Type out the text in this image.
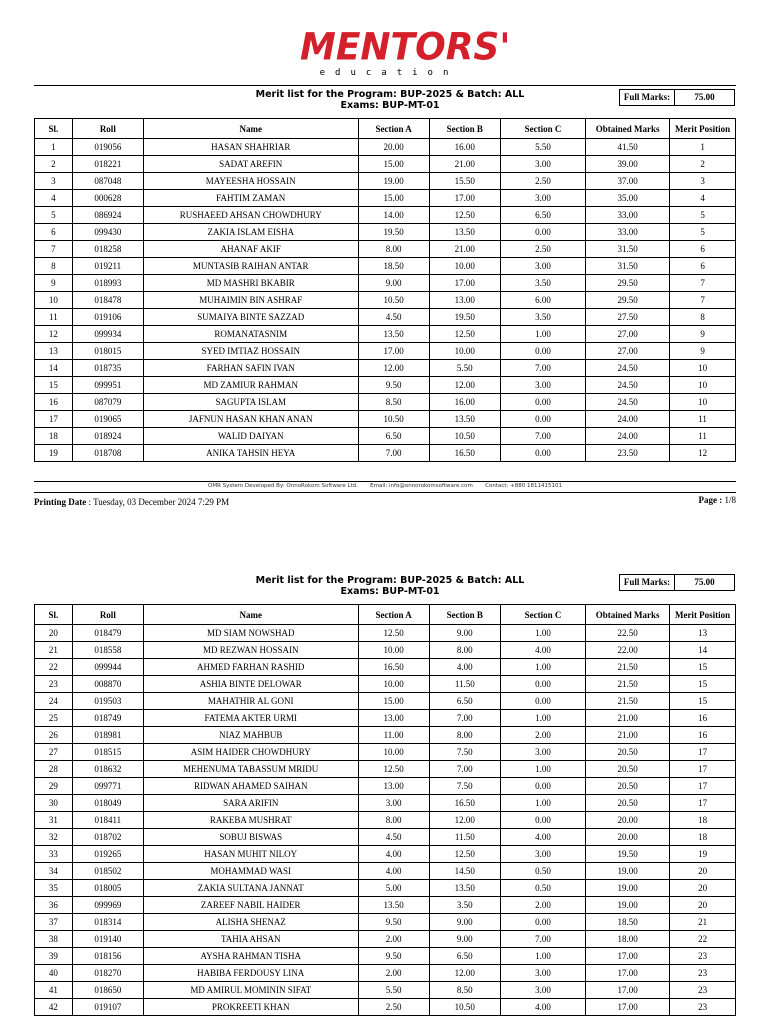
MENTORS'
education
Merit list for the Program: BUP-2025 & Batch: ALL
Exams: BUP-MT-01
Full Marks:	75.00
Sl.	Roll	Name	Section A	Section B	Section C	Obtained Marks	Merit Position
1	019056	HASAN SHAHRIAR	20.00	16.00	5.50	41.50	1
2	018221	SADAT AREFIN	15.00	21.00	3.00	39.00	2
3	087048	MAYEESHA HOSSAIN	19.00	15.50	2.50	37.00	3
4	000628	FAHTIM ZAMAN	15.00	17.00	3.00	35.00	4
5	086924	RUSHAEED AHSAN CHOWDHURY	14.00	12.50	6.50	33.00	5
6	099430	ZAKIA ISLAM EISHA	19.50	13.50	0.00	33.00	5
7	018258	AHANAF AKIF	8.00	21.00	2.50	31.50	6
8	019211	MUNTASIB RAIHAN ANTAR	18.50	10.00	3.00	31.50	6
9	018993	MD MASHRI BKABIR	9.00	17.00	3.50	29.50	7
10	018478	MUHAIMIN BIN ASHRAF	10.50	13.00	6.00	29.50	7
11	019106	SUMAIYA BINTE SAZZAD	4.50	19.50	3.50	27.50	8
12	099934	ROMANATASNIM	13.50	12.50	1.00	27.00	9
13	018015	SYED IMTIAZ HOSSAIN	17.00	10.00	0.00	27.00	9
14	018735	FARHAN SAFIN IVAN	12.00	5.50	7.00	24.50	10
15	099951	MD ZAMIUR RAHMAN	9.50	12.00	3.00	24.50	10
16	087079	SAGUPTA ISLAM	8.50	16.00	0.00	24.50	10
17	019065	JAFNUN HASAN KHAN ANAN	10.50	13.50	0.00	24.00	11
18	018924	WALID DAIYAN	6.50	10.50	7.00	24.00	11
19	018708	ANIKA TAHSIN HEYA	7.00	16.50	0.00	23.50	12
OMR System Developed By: OnnoRokom Software Ltd. Email: info@onnorokomsoftware.com Contact: +880 1811415101
Printing Date : Tuesday, 03 December 2024 7:29 PM	Page : 1/8
Merit list for the Program: BUP-2025 & Batch: ALL
Exams: BUP-MT-01
Full Marks:	75.00
Sl.	Roll	Name	Section A	Section B	Section C	Obtained Marks	Merit Position
20	018479	MD SIAM NOWSHAD	12.50	9.00	1.00	22.50	13
21	018558	MD REZWAN HOSSAIN	10.00	8.00	4.00	22.00	14
22	099944	AHMED FARHAN RASHID	16.50	4.00	1.00	21.50	15
23	008870	ASHIA BINTE DELOWAR	10.00	11.50	0.00	21.50	15
24	019503	MAHATHIR AL GONI	15.00	6.50	0.00	21.50	15
25	018749	FATEMA AKTER URMI	13.00	7.00	1.00	21.00	16
26	018981	NIAZ MAHBUB	11.00	8.00	2.00	21.00	16
27	018515	ASIM HAIDER CHOWDHURY	10.00	7.50	3.00	20.50	17
28	018632	MEHENUMA TABASSUM MRIDU	12.50	7.00	1.00	20.50	17
29	099771	RIDWAN AHAMED SAIHAN	13.00	7.50	0.00	20.50	17
30	018049	SARA ARIFIN	3.00	16.50	1.00	20.50	17
31	018411	RAKEBA MUSHRAT	8.00	12.00	0.00	20.00	18
32	018702	SOBUJ BISWAS	4.50	11.50	4.00	20.00	18
33	019265	HASAN MUHIT NILOY	4.00	12.50	3.00	19.50	19
34	018502	MOHAMMAD WASI	4.00	14.50	0.50	19.00	20
35	018005	ZAKIA SULTANA JANNAT	5.00	13.50	0.50	19.00	20
36	099969	ZAREEF NABIL HAIDER	13.50	3.50	2.00	19.00	20
37	018314	ALISHA SHENAZ	9.50	9.00	0.00	18.50	21
38	019140	TAHIA AHSAN	2.00	9.00	7.00	18.00	22
39	018156	AYSHA RAHMAN TISHA	9.50	6.50	1.00	17.00	23
40	018270	HABIBA FERDOUSY LINA	2.00	12.00	3.00	17.00	23
41	018650	MD AMIRUL MOMININ SIFAT	5.50	8.50	3.00	17.00	23
42	019107	PROKREETI KHAN	2.50	10.50	4.00	17.00	23
